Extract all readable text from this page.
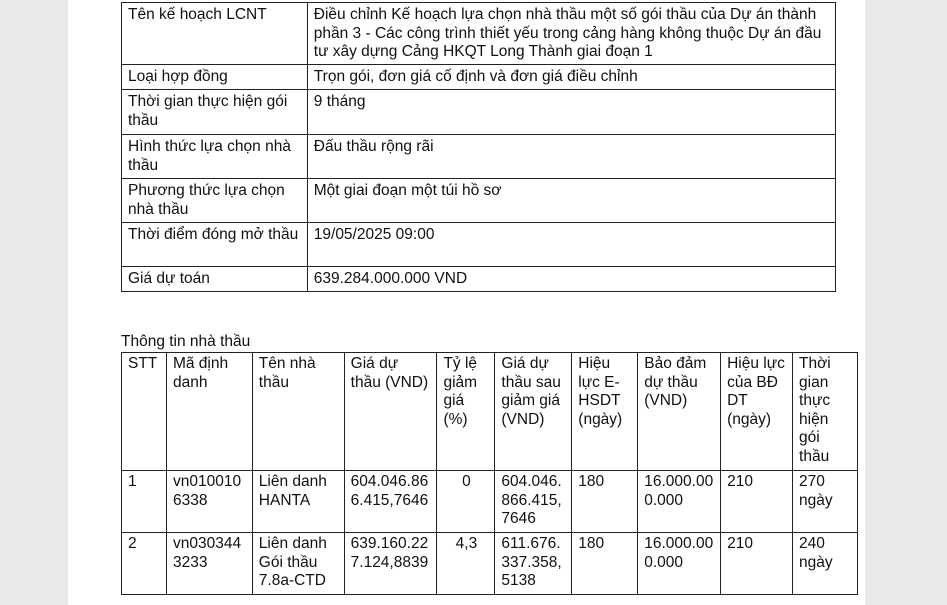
Tên kế hoạch LCNT	Điều chỉnh Kế hoạch lựa chọn nhà thầu một số gói thầu của Dự án thành phần 3 - Các công trình thiết yếu trong cảng hàng không thuộc Dự án đầu tư xây dựng Cảng HKQT Long Thành giai đoạn 1
Loại hợp đồng	Trọn gói, đơn giá cố định và đơn giá điều chỉnh
Thời gian thực hiện gói thầu	9 tháng
Hình thức lựa chọn nhà thầu	Đấu thầu rộng rãi
Phương thức lựa chọn nhà thầu	Một giai đoạn một túi hồ sơ
Thời điểm đóng mở thầu	19/05/2025 09:00
Giá dự toán	639.284.000.000 VND
Thông tin nhà thầu
STT	Mã định danh	Tên nhà thầu	Giá dự thầu (VND)	Tỷ lệ giảm giá (%)	Giá dự thầu sau giảm giá (VND)	Hiệu lực E-HSDT (ngày)	Bảo đảm dự thầu (VND)	Hiệu lực của BĐ DT (ngày)	Thời gian thực hiện gói thầu
1	vn0100106338	Liên danh HANTA	604.046.866.415,7646	0	604.046.866.415,7646	180	16.000.000.000	210	270 ngày
2	vn0303443233	Liên danh Gói thầu 7.8a-CTD	639.160.227.124,8839	4,3	611.676.337.358,5138	180	16.000.000.000	210	240 ngày
